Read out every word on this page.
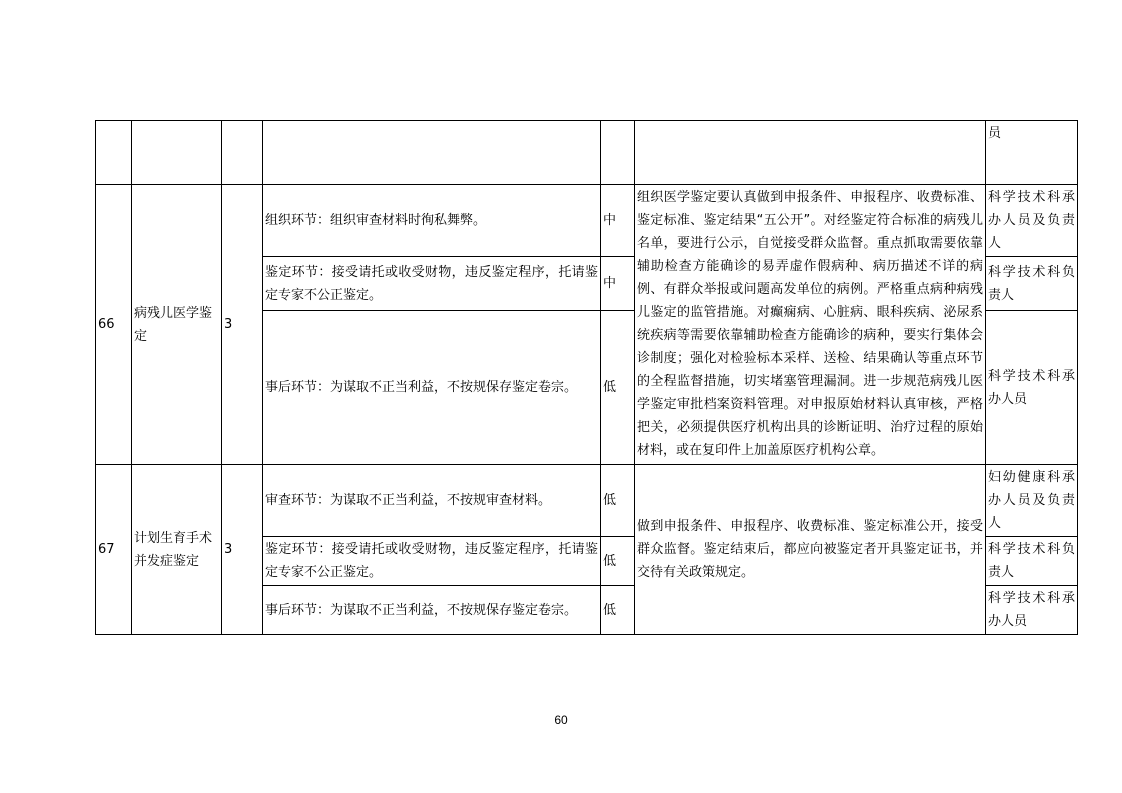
						员
66	病残儿医学鉴定	3	组织环节：组织审查材料时徇私舞弊。	中	组织医学鉴定要认真做到申报条件、申报程序、收费标准、鉴定标准、鉴定结果“五公开”。对经鉴定符合标准的病残儿名单，要进行公示，自觉接受群众监督。重点抓取需要依靠辅助检查方能确诊的易弄虚作假病种、病历描述不详的病例、有群众举报或问题高发单位的病例。严格重点病种病残儿鉴定的监管措施。对癫痫病、心脏病、眼科疾病、泌尿系统疾病等需要依靠辅助检查方能确诊的病种，要实行集体会诊制度；强化对检验标本采样、送检、结果确认等重点环节的全程监督措施，切实堵塞管理漏洞。进一步规范病残儿医学鉴定审批档案资料管理。对申报原始材料认真审核，严格把关，必须提供医疗机构出具的诊断证明、治疗过程的原始材料，或在复印件上加盖原医疗机构公章。	科学技术科承办人员及负责人
			鉴定环节：接受请托或收受财物，违反鉴定程序，托请鉴定专家不公正鉴定。	中		科学技术科负责人
			事后环节：为谋取不正当利益，不按规保存鉴定卷宗。	低		科学技术科承办人员
67	计划生育手术并发症鉴定	3	审查环节：为谋取不正当利益，不按规审查材料。	低	做到申报条件、申报程序、收费标准、鉴定标准公开，接受群众监督。鉴定结束后，都应向被鉴定者开具鉴定证书，并交待有关政策规定。	妇幼健康科承办人员及负责人
			鉴定环节：接受请托或收受财物，违反鉴定程序，托请鉴定专家不公正鉴定。	低		科学技术科负责人
			事后环节：为谋取不正当利益，不按规保存鉴定卷宗。	低		科学技术科承办人员
60
